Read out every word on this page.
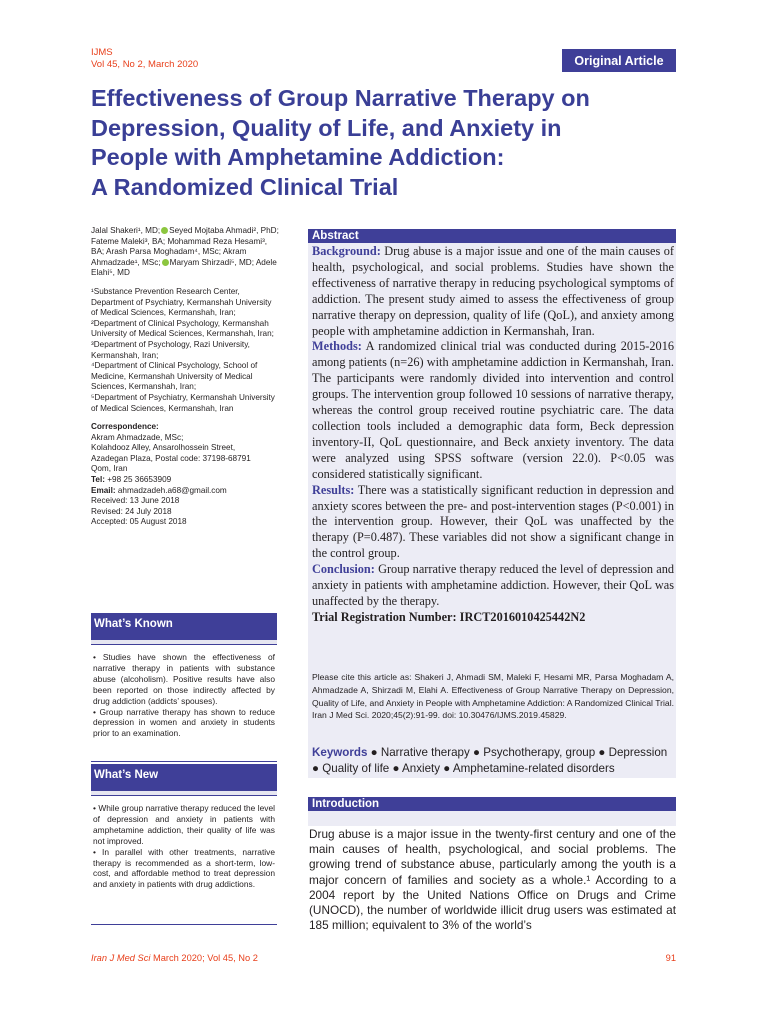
IJMS
Vol 45, No 2, March 2020	Original Article
Effectiveness of Group Narrative Therapy on
Depression, Quality of Life, and Anxiety in
People with Amphetamine Addiction:
A Randomized Clinical Trial
Jalal Shakeri¹, MD; Seyed Mojtaba Ahmadi², PhD; Fateme Maleki³, BA; Mohammad Reza Hesami³, BA; Arash Parsa Moghadam⁴, MSc; Akram Ahmadzade¹, MSc; Maryam Shirzadi⁵, MD; Adele Elahi⁵, MD
¹Substance Prevention Research Center, Department of Psychiatry, Kermanshah University of Medical Sciences, Kermanshah, Iran;
²Department of Clinical Psychology, Kermanshah University of Medical Sciences, Kermanshah, Iran;
³Department of Psychology, Razi University, Kermanshah, Iran;
⁴Department of Clinical Psychology, School of Medicine, Kermanshah University of Medical Sciences, Kermanshah, Iran;
⁵Department of Psychiatry, Kermanshah University of Medical Sciences, Kermanshah, Iran
Correspondence:
Akram Ahmadzade, MSc;
Kolahdooz Alley, Ansarolhossein Street,
Azadegan Plaza, Postal code: 37198-68791
Qom, Iran
Tel: +98 25 36653909
Email: ahmadzadeh.a68@gmail.com
Received: 13 June 2018
Revised: 24 July 2018
Accepted: 05 August 2018
What’s Known

• Studies have shown the effectiveness of narrative therapy in patients with substance abuse (alcoholism). Positive results have also been reported on those indirectly affected by drug addiction (addicts’ spouses).

• Group narrative therapy has shown to reduce depression in women and anxiety in students prior to an examination.

What’s New

• While group narrative therapy reduced the level of depression and anxiety in patients with amphetamine addiction, their quality of life was not improved.

• In parallel with other treatments, narrative therapy is recommended as a short-term, low-cost, and affordable method to treat depression and anxiety in patients with drug addictions.

Abstract

Background: Drug abuse is a major issue and one of the main causes of health, psychological, and social problems. Studies have shown the effectiveness of narrative therapy in reducing psychological symptoms of addiction. The present study aimed to assess the effectiveness of group narrative therapy on depression, quality of life (QoL), and anxiety among people with amphetamine addiction in Kermanshah, Iran.

Methods: A randomized clinical trial was conducted during 2015-2016 among patients (n=26) with amphetamine addiction in Kermanshah, Iran. The participants were randomly divided into intervention and control groups. The intervention group followed 10 sessions of narrative therapy, whereas the control group received routine psychiatric care. The data collection tools included a demographic data form, Beck depression inventory-II, QoL questionnaire, and Beck anxiety inventory. The data were analyzed using SPSS software (version 22.0). P<0.05 was considered statistically significant.

Results: There was a statistically significant reduction in depression and anxiety scores between the pre- and post-intervention stages (P<0.001) in the intervention group. However, their QoL was unaffected by the therapy (P=0.487). These variables did not show a significant change in the control group.

Conclusion: Group narrative therapy reduced the level of depression and anxiety in patients with amphetamine addiction. However, their QoL was unaffected by the therapy.

Trial Registration Number: IRCT2016010425442N2

Please cite this article as: Shakeri J, Ahmadi SM, Maleki F, Hesami MR, Parsa Moghadam A, Ahmadzade A, Shirzadi M, Elahi A. Effectiveness of Group Narrative Therapy on Depression, Quality of Life, and Anxiety in People with Amphetamine Addiction: A Randomized Clinical Trial. Iran J Med Sci. 2020;45(2):91-99. doi: 10.30476/IJMS.2019.45829.
Keywords ● Narrative therapy ● Psychotherapy, group ● Depression ● Quality of life ● Anxiety ● Amphetamine-related disorders
Introduction
Drug abuse is a major issue in the twenty-first century and one of the main causes of health, psychological, and social problems. The growing trend of substance abuse, particularly among the youth is a major concern of families and society as a whole.¹ According to a 2004 report by the United Nations Office on Drugs and Crime (UNOCD), the number of worldwide illicit drug users was estimated at 185 million; equivalent to 3% of the world’s
Iran J Med Sci March 2020; Vol 45, No 2	91
